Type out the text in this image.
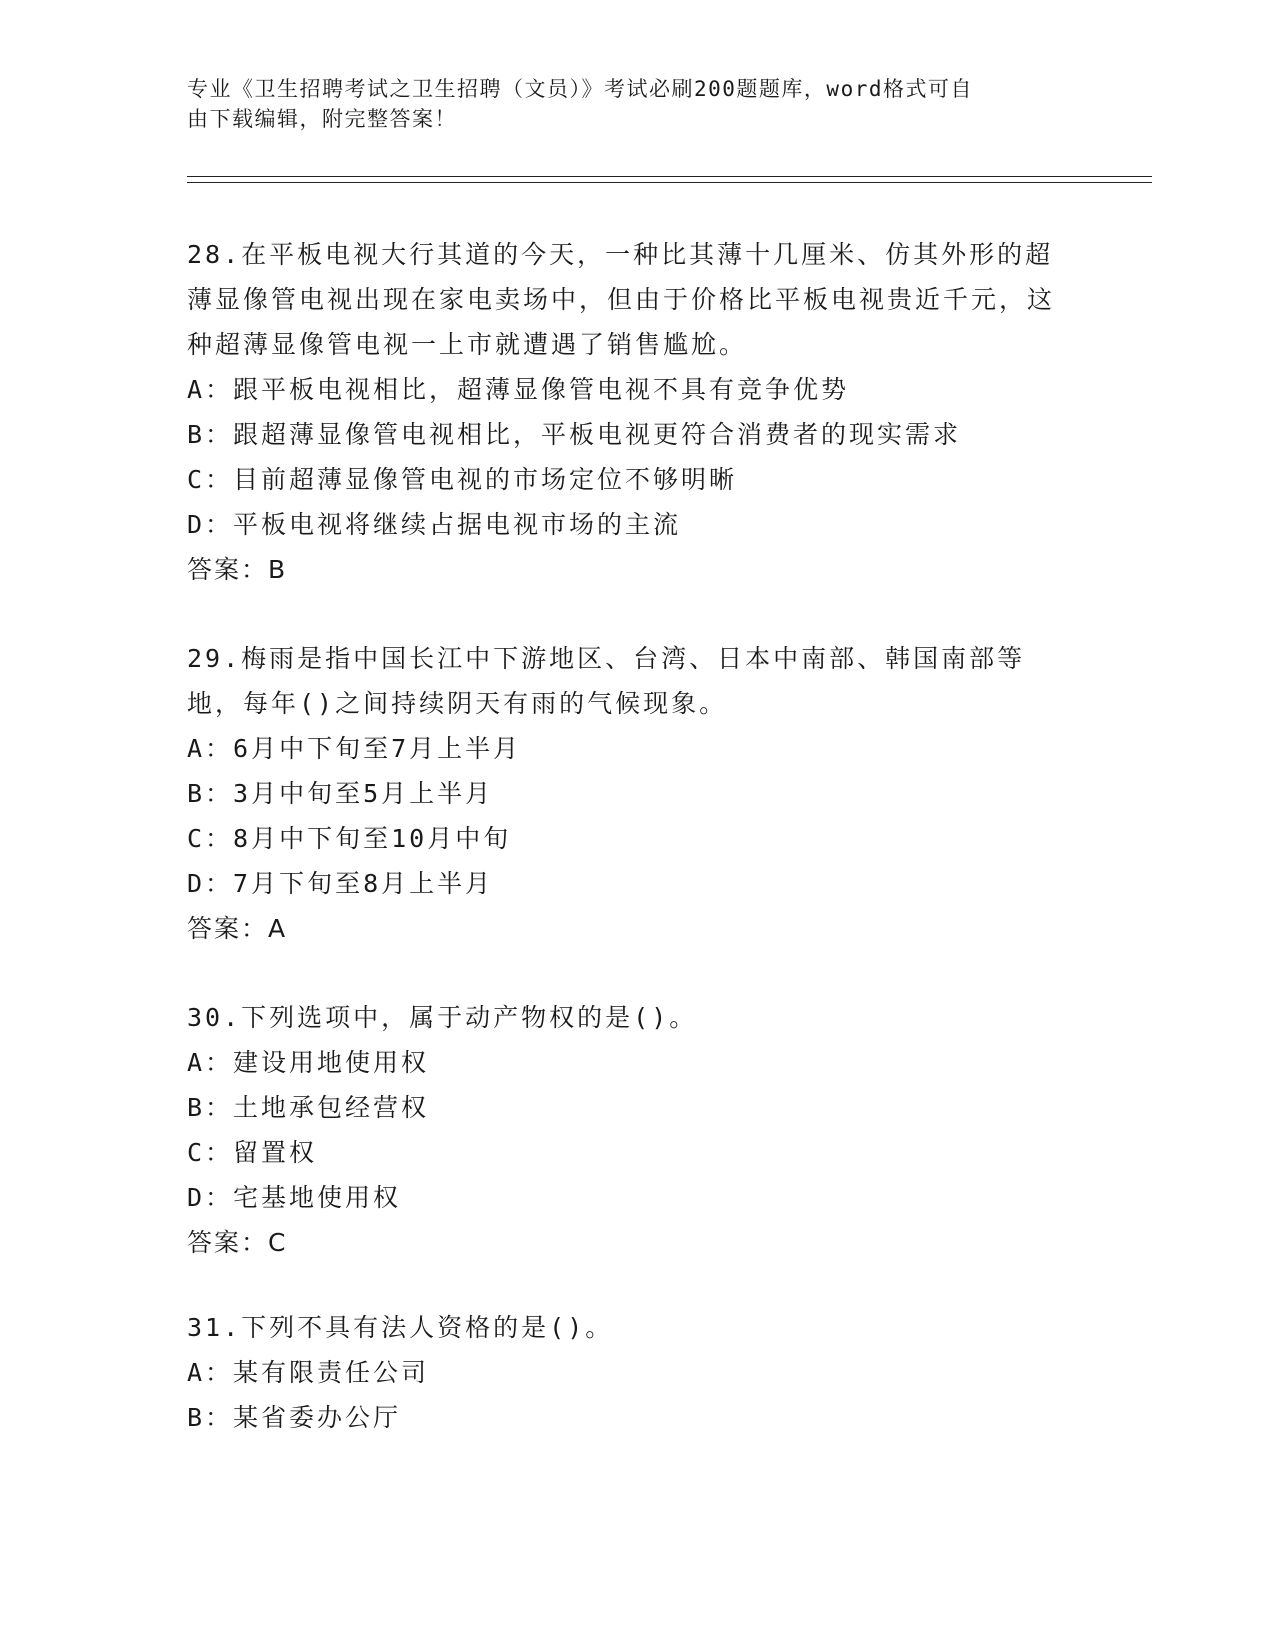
专业《卫生招聘考试之卫生招聘（文员）》考试必刷200题题库，word格式可自
由下载编辑，附完整答案！

28.在平板电视大行其道的今天，一种比其薄十几厘米、仿其外形的超薄显像管电视出现在家电卖场中，但由于价格比平板电视贵近千元，这种超薄显像管电视一上市就遭遇了销售尴尬。

A：跟平板电视相比，超薄显像管电视不具有竞争优势

B：跟超薄显像管电视相比，平板电视更符合消费者的现实需求

C：目前超薄显像管电视的市场定位不够明晰

D：平板电视将继续占据电视市场的主流

答案：B

29.梅雨是指中国长江中下游地区、台湾、日本中南部、韩国南部等地，每年()之间持续阴天有雨的气候现象。

A：6月中下旬至7月上半月

B：3月中旬至5月上半月

C：8月中下旬至10月中旬

D：7月下旬至8月上半月

答案：A

30.下列选项中，属于动产物权的是()。

A：建设用地使用权

B：土地承包经营权

C：留置权

D：宅基地使用权

答案：C

31.下列不具有法人资格的是()。

A：某有限责任公司

B：某省委办公厅
